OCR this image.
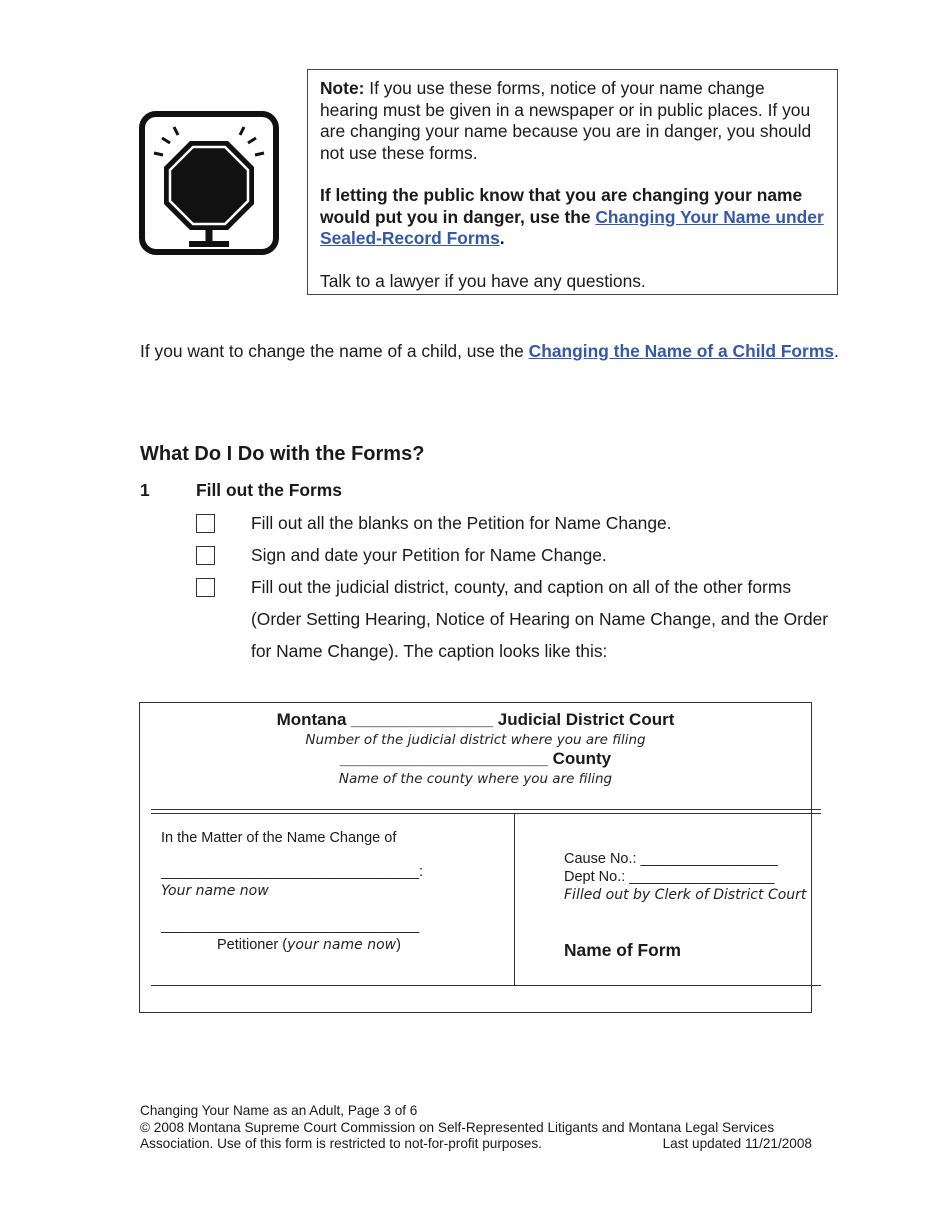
Note: If you use these forms, notice of your name change hearing must be given in a newspaper or in public places. If you are changing your name because you are in danger, you should not use these forms.

If letting the public know that you are changing your name would put you in danger, use the Changing Your Name under Sealed-Record Forms.

Talk to a lawyer if you have any questions.

If you want to change the name of a child, use the Changing the Name of a Child Forms.
What Do I Do with the Forms?
1	Fill out the Forms
Fill out all the blanks on the Petition for Name Change.
Sign and date your Petition for Name Change.
Fill out the judicial district, county, and caption on all of the other forms (Order Setting Hearing, Notice of Hearing on Name Change, and the Order for Name Change). The caption looks like this:
Montana _______________ Judicial District Court
Number of the judicial district where you are filing
______________________ County
Name of the county where you are filing
In the Matter of the Name Change of
________________________________:
Your name now
________________________________
Petitioner (your name now)
Cause No.: _________________
Dept No.: __________________
Filled out by Clerk of District Court
Name of Form
Changing Your Name as an Adult, Page 3 of 6
© 2008 Montana Supreme Court Commission on Self-Represented Litigants and Montana Legal Services
Association. Use of this form is restricted to not-for-profit purposes.	Last updated 11/21/2008
